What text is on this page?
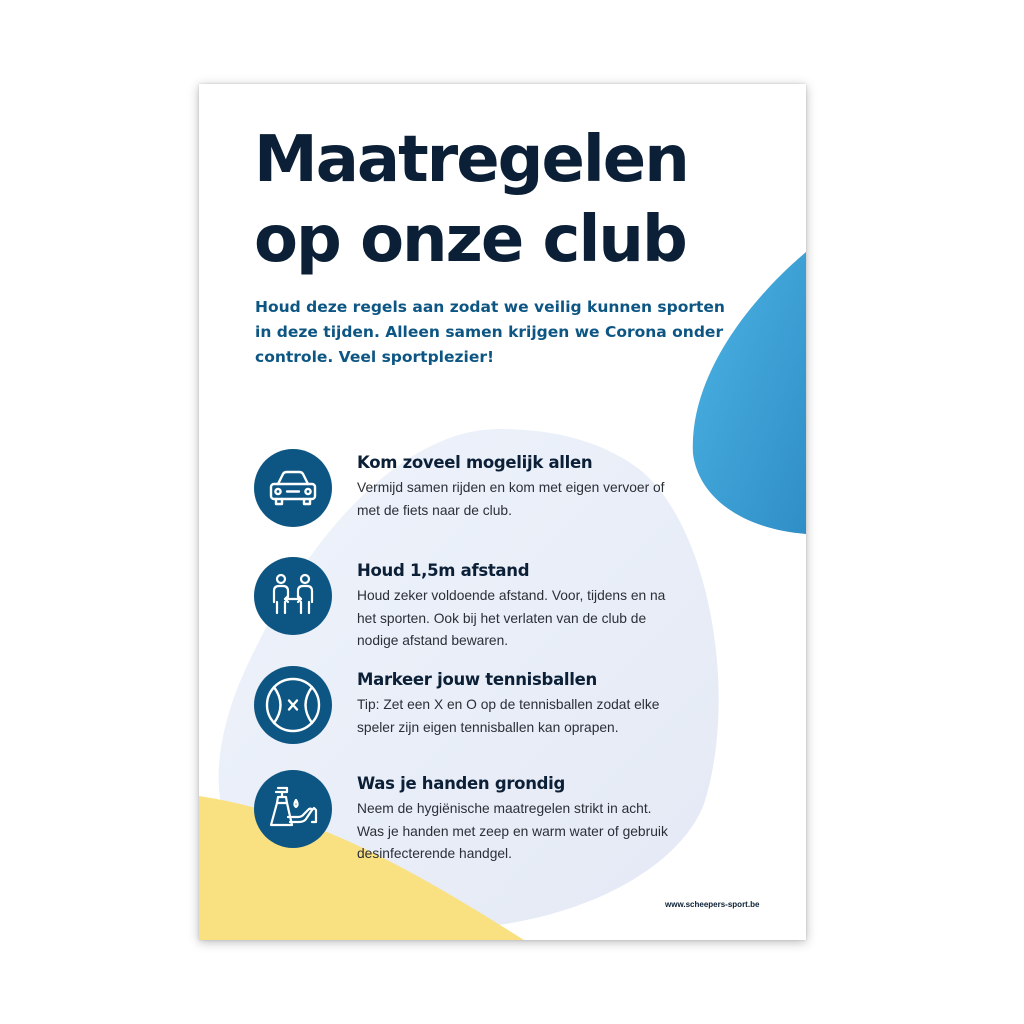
Maatregelen
op onze club

Houd deze regels aan zodat we veilig kunnen sporten in deze tijden. Alleen samen krijgen we Corona onder controle. Veel sportplezier!

Kom zoveel mogelijk allen

Vermijd samen rijden en kom met eigen vervoer of met de fiets naar de club.

Houd 1,5m afstand

Houd zeker voldoende afstand. Voor, tijdens en na het sporten. Ook bij het verlaten van de club de nodige afstand bewaren.

Markeer jouw tennisballen

Tip: Zet een X en O op de tennisballen zodat elke speler zijn eigen tennisballen kan oprapen.

Was je handen grondig

Neem de hygiënische maatregelen strikt in acht. Was je handen met zeep en warm water of gebruik desinfecterende handgel.

www.scheepers-sport.be
